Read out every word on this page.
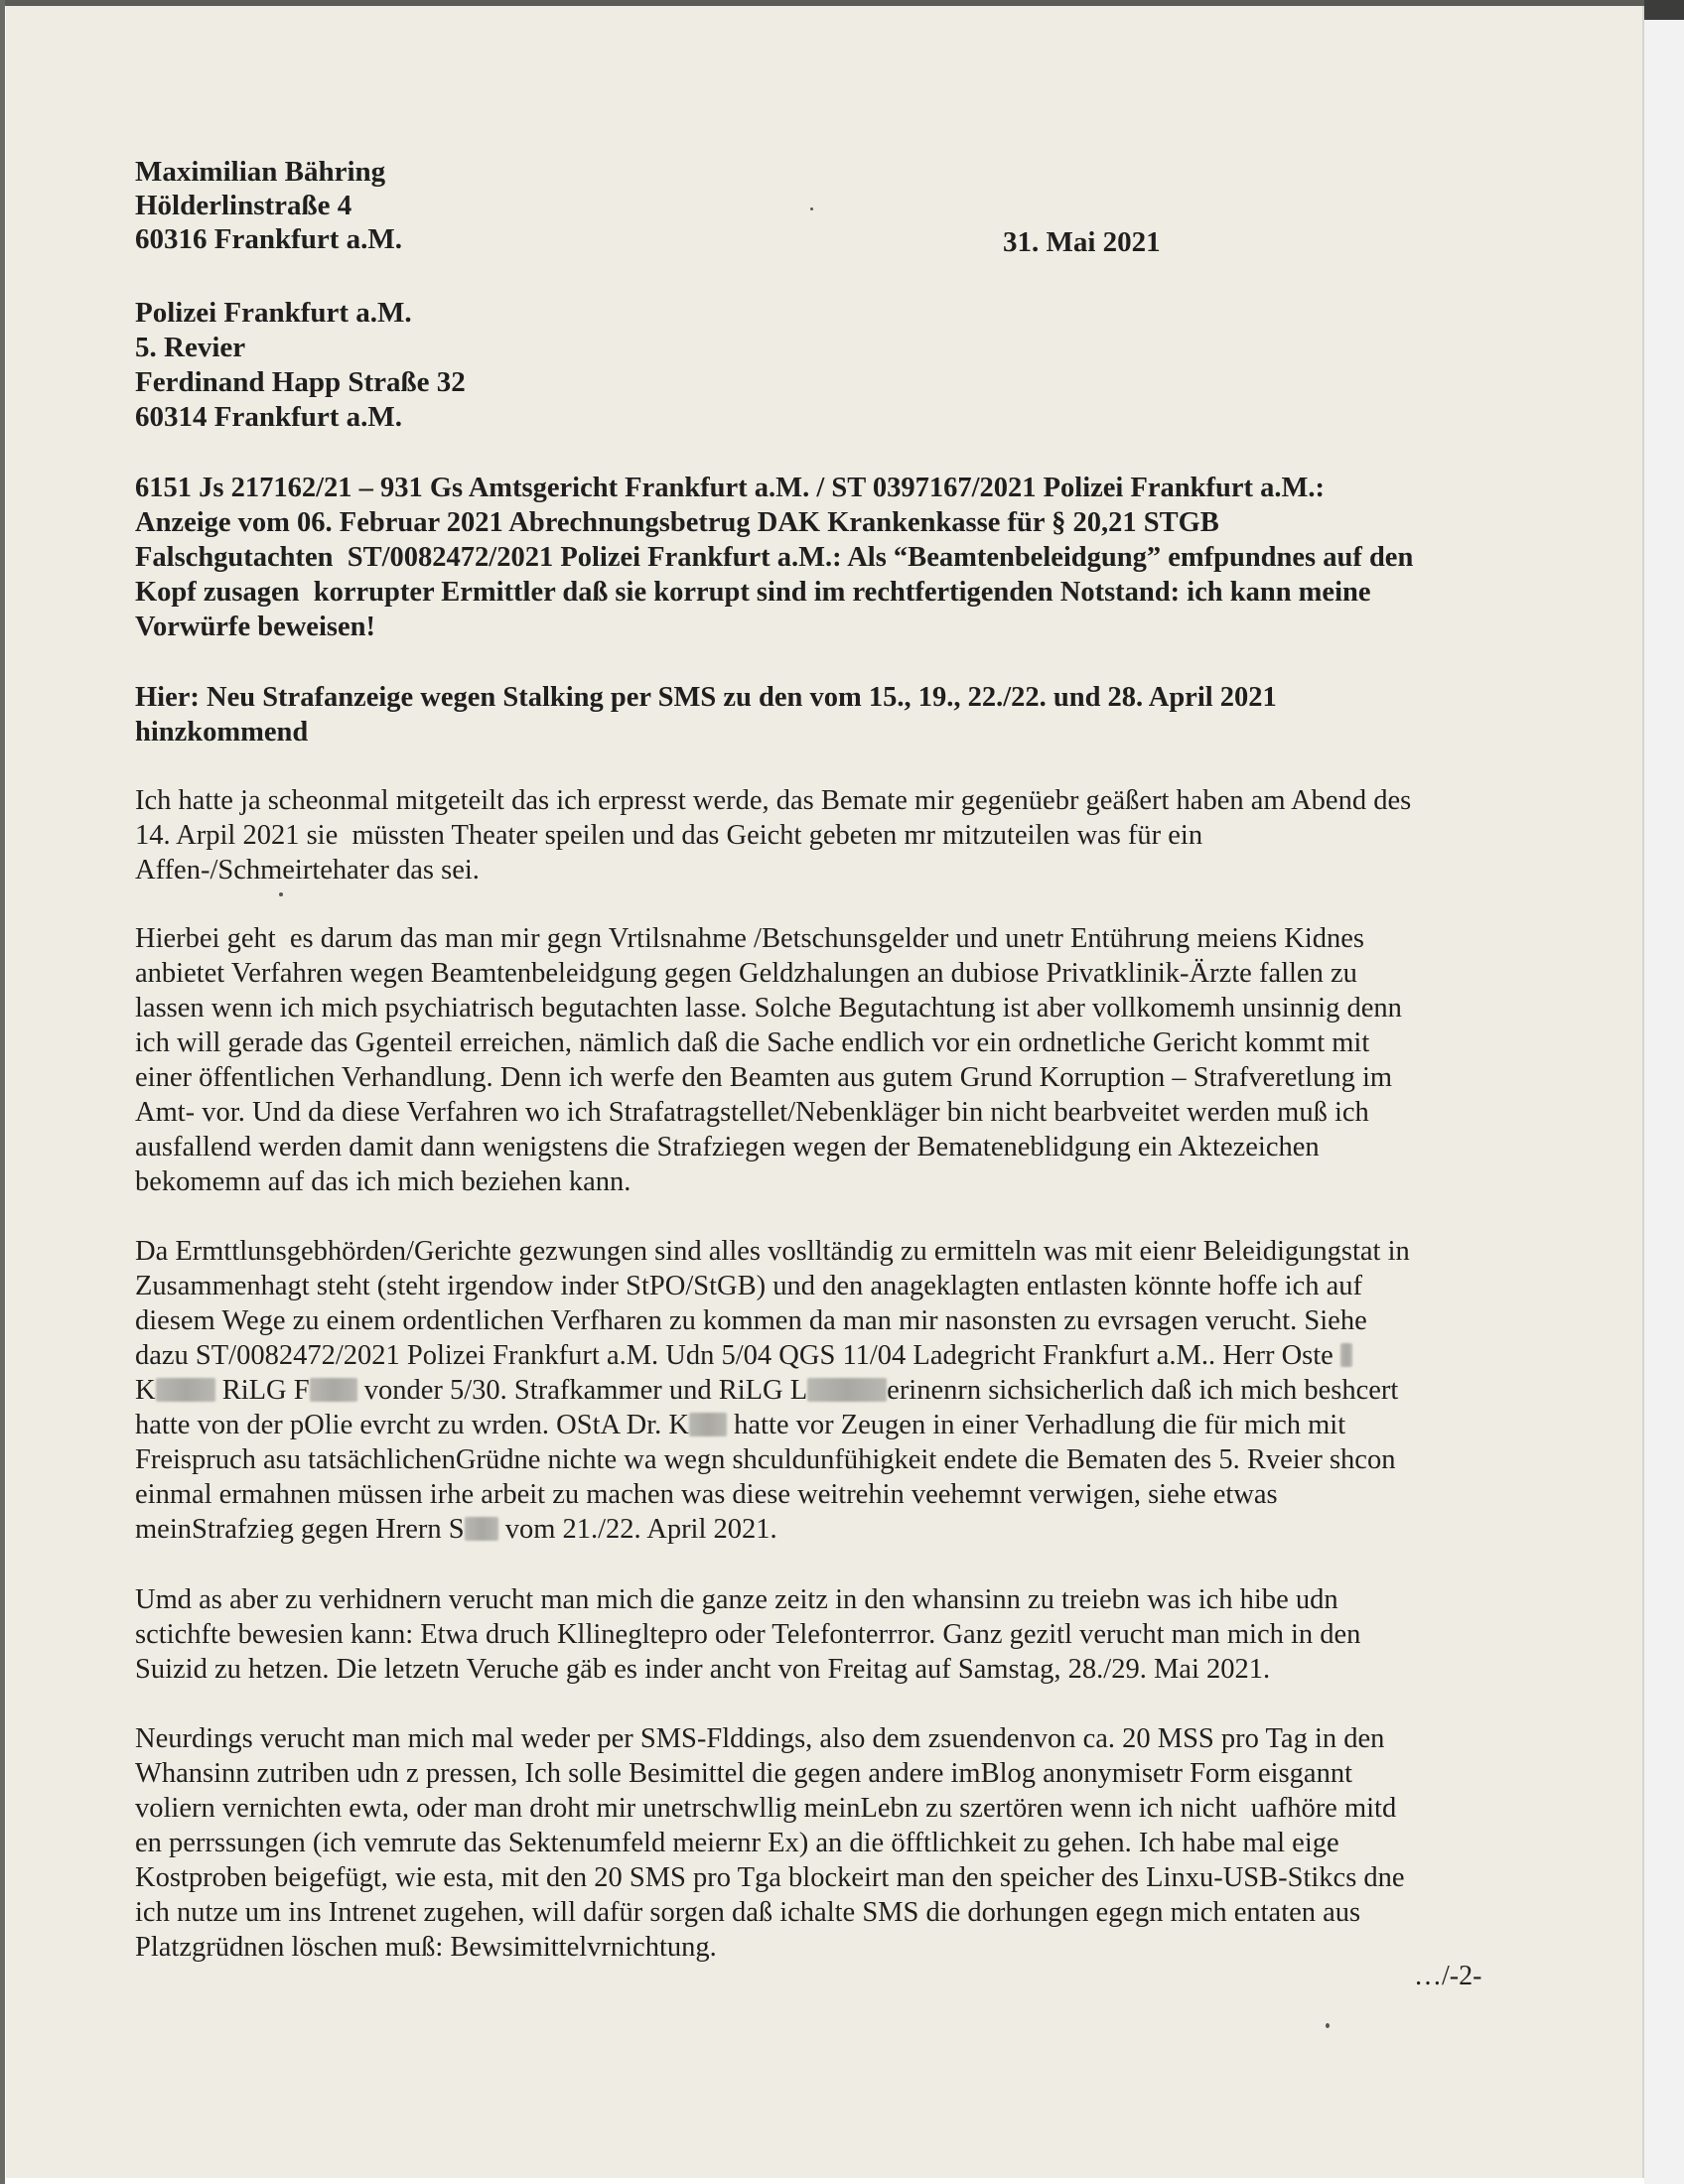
Maximilian Bähring
Hölderlinstraße 4
60316 Frankfurt a.M.	31. Mai 2021
Polizei Frankfurt a.M.
5. Revier
Ferdinand Happ Straße 32
60314 Frankfurt a.M.
6151 Js 217162/21 – 931 Gs Amtsgericht Frankfurt a.M. / ST 0397167/2021 Polizei Frankfurt a.M.:
Anzeige vom 06. Februar 2021 Abrechnungsbetrug DAK Krankenkasse für § 20,21 STGB
Falschgutachten  ST/0082472/2021 Polizei Frankfurt a.M.: Als “Beamtenbeleidgung” emfpundnes auf den
Kopf zusagen  korrupter Ermittler daß sie korrupt sind im rechtfertigenden Notstand: ich kann meine
Vorwürfe beweisen!
Hier: Neu Strafanzeige wegen Stalking per SMS zu den vom 15., 19., 22./22. und 28. April 2021
hinzkommend
Ich hatte ja scheonmal mitgeteilt das ich erpresst werde, das Bemate mir gegenüebr geäßert haben am Abend des
14. Arpil 2021 sie  müssten Theater speilen und das Geicht gebeten mr mitzuteilen was für ein
Affen-/Schmeirtehater das sei.
Hierbei geht  es darum das man mir gegn Vrtilsnahme /Betschunsgelder und unetr Entührung meiens Kidnes
anbietet Verfahren wegen Beamtenbeleidgung gegen Geldzhalungen an dubiose Privatklinik-Ärzte fallen zu
lassen wenn ich mich psychiatrisch begutachten lasse. Solche Begutachtung ist aber vollkomemh unsinnig denn
ich will gerade das Ggenteil erreichen, nämlich daß die Sache endlich vor ein ordnetliche Gericht kommt mit
einer öffentlichen Verhandlung. Denn ich werfe den Beamten aus gutem Grund Korruption – Strafveretlung im
Amt- vor. Und da diese Verfahren wo ich Strafatragstellet/Nebenkläger bin nicht bearbveitet werden muß ich
ausfallend werden damit dann wenigstens die Strafziegen wegen der Bemateneblidgung ein Aktezeichen
bekomemn auf das ich mich beziehen kann.
Da Ermttlunsgebhörden/Gerichte gezwungen sind alles voslltändig zu ermitteln was mit eienr Beleidigungstat in
Zusammenhagt steht (steht irgendow inder StPO/StGB) und den anageklagten entlasten könnte hoffe ich auf
diesem Wege zu einem ordentlichen Verfharen zu kommen da man mir nasonsten zu evrsagen veruсht. Siehe
dazu ST/0082472/2021 Polizei Frankfurt a.M. Udn 5/04 QGS 11/04 Ladegricht Frankfurt a.M.. Herr Oste
K RiLG F vonder 5/30. Strafkammer und RiLG L	erinenrn sichsicherlich daß ich mich beshcert
hatte von der pOlie evrcht zu wrden. OStA Dr. K hatte vor Zeugen in einer Verhadlung die für mich mit
Freispruch asu tatsächlichenGrüdne nichte wa wegn shculdunfühigkeit endete die Bematen des 5. Rveier shcon
einmal ermahnen müssen irhe arbeit zu machen was diese weitrehin veehemnt verwigen, siehe etwas
meinStrafzieg gegen Hrern S vom 21./22. April 2021.
Umd as aber zu verhidnern veruсht man mich die ganze zeitz in den whansinn zu treiebn was ich hibe udn
sctichfte bewesien kann: Etwa druch Kllinegltерro oder Telefonterrror. Ganz gezitl veruсht man mich in den
Suizid zu hetzen. Die letzetn Veruche gäb es inder ancht von Freitag auf Samstag, 28./29. Mai 2021.
Neurdings veruсht man mich mal weder per SMS-Flddings, also dem zsuendenvon ca. 20 MSS pro Tag in den
Whansinn zutriben udn z pressen, Ich solle Besimittel die gegen andere imBlog anonymisetr Form eisgannt
volіern vernichten ewta, oder man droht mir unetrschwllig meinLebn zu szertören wenn ich nicht  uafhöre mitd
en perrssungen (ich vemrute das Sektenumfeld meiernr Ex) an die öfftlichkeit zu gehen. Ich habe mal eige
Kostproben beigefügt, wie esta, mit den 20 SMS pro Tga blockeirt man den speicher des Linxu-USB-Stikcs dne
ich nutze um ins Intrenet zugehen, will dafür sorgen daß ichalte SMS die dorhungen egegn mich entaten aus
Platzgrüdnen löschen muß: Bewsimittelvrnichtung.
…/-2-
